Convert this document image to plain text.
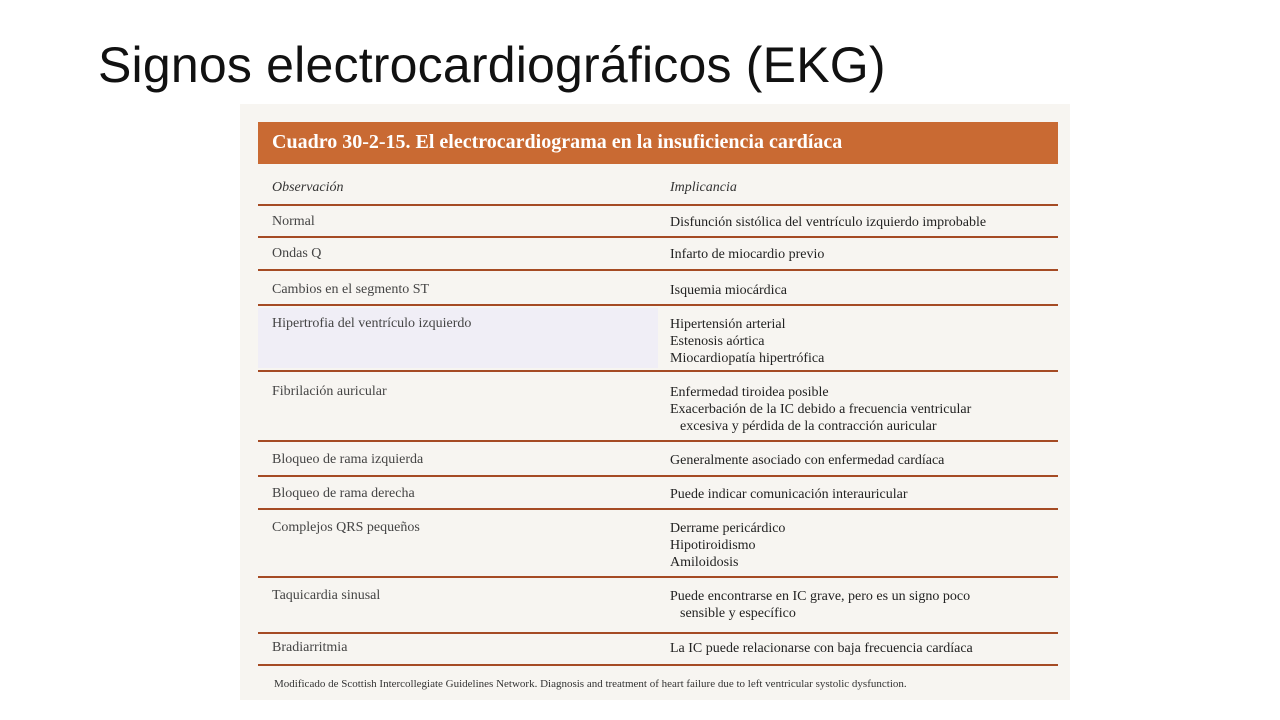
Signos electrocardiográficos (EKG)
Cuadro 30-2-15. El electrocardiograma en la insuficiencia cardíaca
Observación	Implicancia
Normal	Disfunción sistólica del ventrículo izquierdo improbable
Ondas Q	Infarto de miocardio previo
Cambios en el segmento ST	Isquemia miocárdica
Hipertrofia del ventrículo izquierdo	Hipertensión arterial
Estenosis aórtica
Miocardiopatía hipertrófica
Fibrilación auricular	Enfermedad tiroidea posible
Exacerbación de la IC debido a frecuencia ventricular
excesiva y pérdida de la contracción auricular
Bloqueo de rama izquierda	Generalmente asociado con enfermedad cardíaca
Bloqueo de rama derecha	Puede indicar comunicación interauricular
Complejos QRS pequeños	Derrame pericárdico
Hipotiroidismo
Amiloidosis
Taquicardia sinusal	Puede encontrarse en IC grave, pero es un signo poco
sensible y específico
Bradiarritmia	La IC puede relacionarse con baja frecuencia cardíaca
Modificado de Scottish Intercollegiate Guidelines Network. Diagnosis and treatment of heart failure due to left ventricular systolic dysfunction.
